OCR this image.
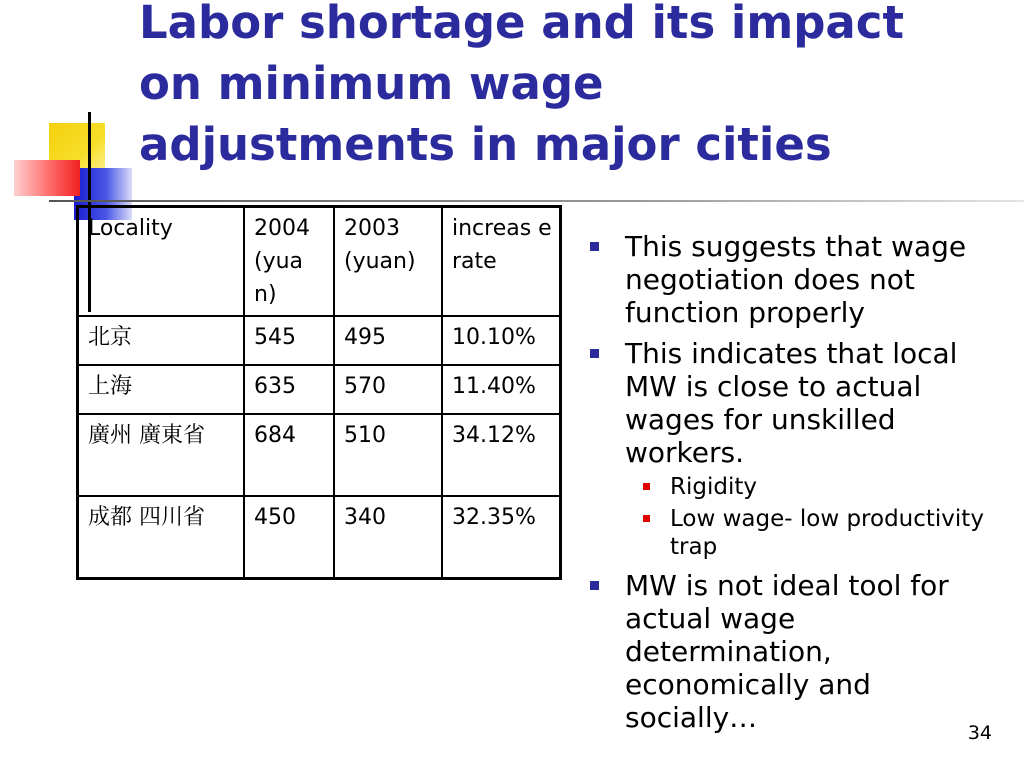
Labor shortage and its impact
on minimum wage
adjustments in major cities
Locality	2004 (yua n)	2003 (yuan)	increas e rate
北京	545	495	10.10%
上海	635	570	11.40%
廣州 廣東省	684	510	34.12%
成都 四川省	450	340	32.35%
This suggests that wage negotiation does not function properly
This indicates that local MW is close to actual wages for unskilled workers.
Rigidity
Low wage- low productivity trap
MW is not ideal tool for actual wage determination, economically and socially…	34
